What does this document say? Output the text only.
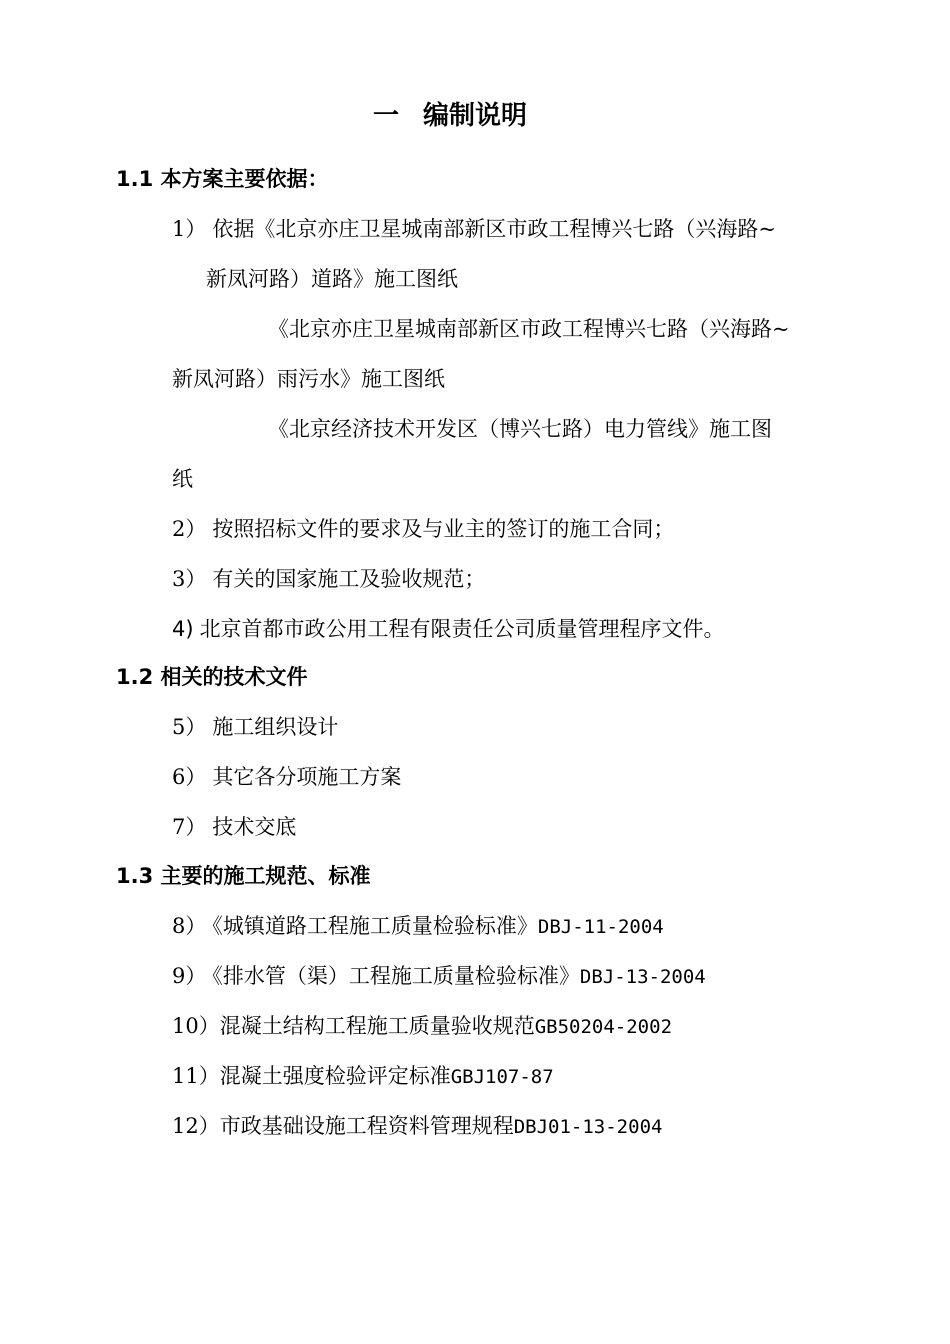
一 编制说明
1.1 本方案主要依据：
1） 依据《北京亦庄卫星城南部新区市政工程博兴七路（兴海路~
新凤河路）道路》施工图纸
《北京亦庄卫星城南部新区市政工程博兴七路（兴海路~
新凤河路）雨污水》施工图纸
《北京经济技术开发区（博兴七路）电力管线》施工图
纸
2） 按照招标文件的要求及与业主的签订的施工合同；
3） 有关的国家施工及验收规范；
4) 北京首都市政公用工程有限责任公司质量管理程序文件。
1.2 相关的技术文件
5） 施工组织设计
6） 其它各分项施工方案
7） 技术交底
1.3 主要的施工规范、标准
8） 《城镇道路工程施工质量检验标准》DBJ-11-2004
9） 《排水管（渠）工程施工质量检验标准》DBJ-13-2004
10）混凝土结构工程施工质量验收规范GB50204-2002
11）混凝土强度检验评定标准GBJ107-87
12）市政基础设施工程资料管理规程DBJ01-13-2004
